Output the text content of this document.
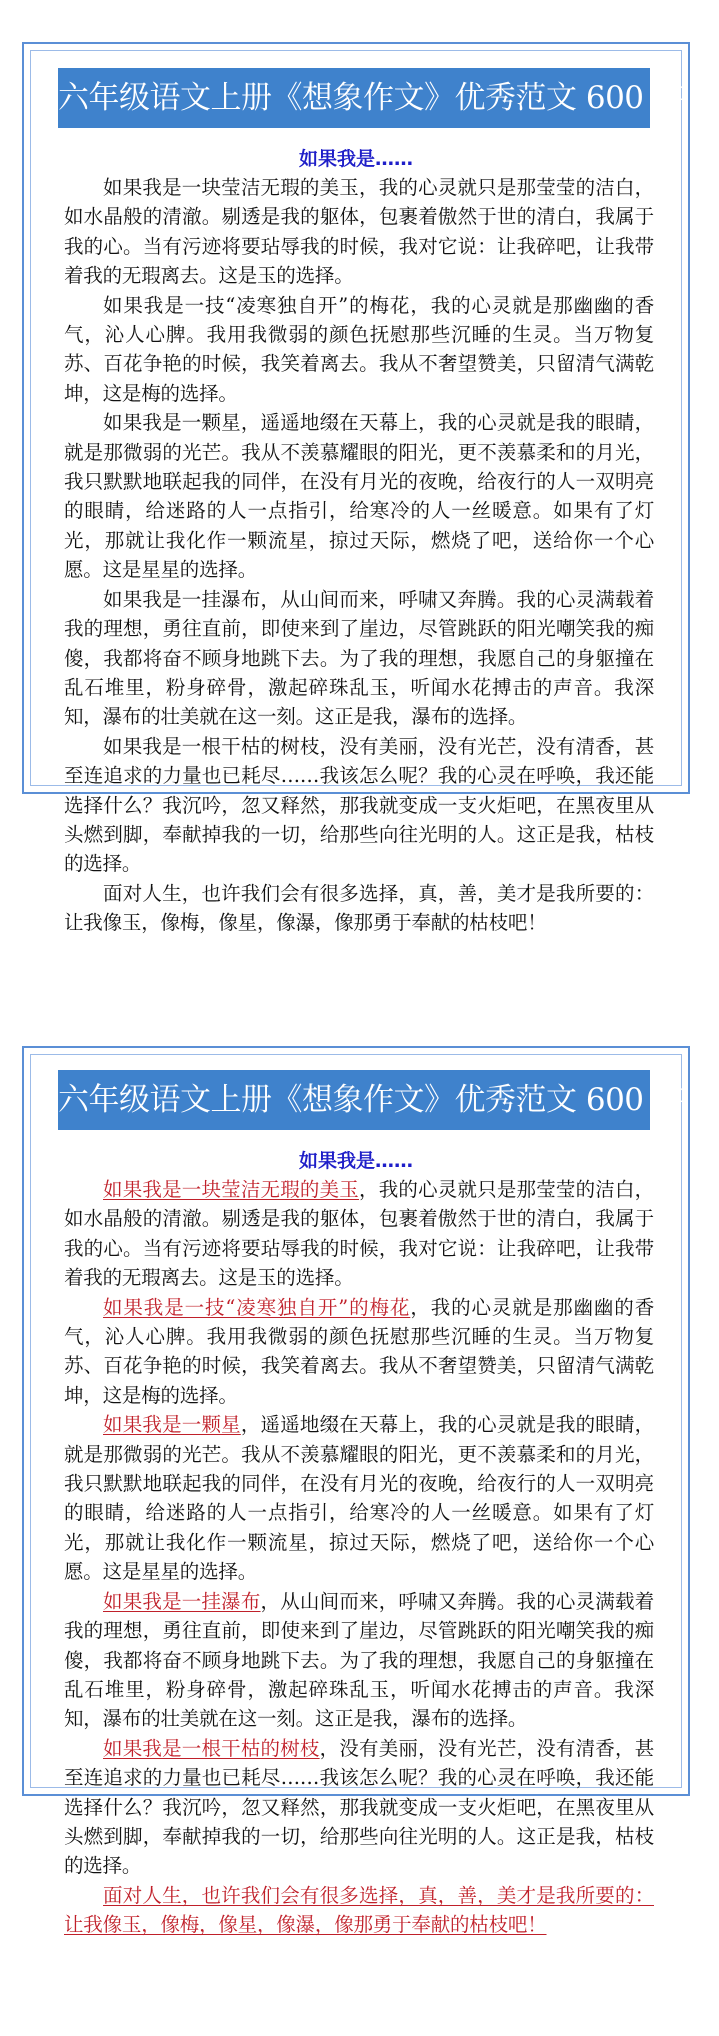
六年级语文上册《想象作文》优秀范文 600 字
如果我是……

如果我是一块莹洁无瑕的美玉，我的心灵就只是那莹莹的洁白，如水晶般的清澈。剔透是我的躯体，包裹着傲然于世的清白，我属于我的心。当有污迹将要玷辱我的时候，我对它说：让我碎吧，让我带着我的无瑕离去。这是玉的选择。

如果我是一技“凌寒独自开”的梅花，我的心灵就是那幽幽的香气，沁人心脾。我用我微弱的颜色抚慰那些沉睡的生灵。当万物复苏、百花争艳的时候，我笑着离去。我从不奢望赞美，只留清气满乾坤，这是梅的选择。

如果我是一颗星，遥遥地缀在天幕上，我的心灵就是我的眼睛，就是那微弱的光芒。我从不羡慕耀眼的阳光，更不羡慕柔和的月光，我只默默地联起我的同伴，在没有月光的夜晚，给夜行的人一双明亮的眼睛，给迷路的人一点指引，给寒冷的人一丝暖意。如果有了灯光，那就让我化作一颗流星，掠过天际，燃烧了吧，送给你一个心愿。这是星星的选择。

如果我是一挂瀑布，从山间而来，呼啸又奔腾。我的心灵满载着我的理想，勇往直前，即使来到了崖边，尽管跳跃的阳光嘲笑我的痴傻，我都将奋不顾身地跳下去。为了我的理想，我愿自己的身躯撞在乱石堆里，粉身碎骨，激起碎珠乱玉，听闻水花搏击的声音。我深知，瀑布的壮美就在这一刻。这正是我，瀑布的选择。

如果我是一根干枯的树枝，没有美丽，没有光芒，没有清香，甚至连追求的力量也已耗尽……我该怎么呢？我的心灵在呼唤，我还能选择什么？我沉吟，忽又释然，那我就变成一支火炬吧，在黑夜里从头燃到脚，奉献掉我的一切，给那些向往光明的人。这正是我，枯枝的选择。

面对人生，也许我们会有很多选择，真，善，美才是我所要的：让我像玉，像梅，像星，像瀑，像那勇于奉献的枯枝吧！

六年级语文上册《想象作文》优秀范文 600 字
如果我是……

如果我是一块莹洁无瑕的美玉，我的心灵就只是那莹莹的洁白，如水晶般的清澈。剔透是我的躯体，包裹着傲然于世的清白，我属于我的心。当有污迹将要玷辱我的时候，我对它说：让我碎吧，让我带着我的无瑕离去。这是玉的选择。

如果我是一技“凌寒独自开”的梅花，我的心灵就是那幽幽的香气，沁人心脾。我用我微弱的颜色抚慰那些沉睡的生灵。当万物复苏、百花争艳的时候，我笑着离去。我从不奢望赞美，只留清气满乾坤，这是梅的选择。

如果我是一颗星，遥遥地缀在天幕上，我的心灵就是我的眼睛，就是那微弱的光芒。我从不羡慕耀眼的阳光，更不羡慕柔和的月光，我只默默地联起我的同伴，在没有月光的夜晚，给夜行的人一双明亮的眼睛，给迷路的人一点指引，给寒冷的人一丝暖意。如果有了灯光，那就让我化作一颗流星，掠过天际，燃烧了吧，送给你一个心愿。这是星星的选择。

如果我是一挂瀑布，从山间而来，呼啸又奔腾。我的心灵满载着我的理想，勇往直前，即使来到了崖边，尽管跳跃的阳光嘲笑我的痴傻，我都将奋不顾身地跳下去。为了我的理想，我愿自己的身躯撞在乱石堆里，粉身碎骨，激起碎珠乱玉，听闻水花搏击的声音。我深知，瀑布的壮美就在这一刻。这正是我，瀑布的选择。

如果我是一根干枯的树枝，没有美丽，没有光芒，没有清香，甚至连追求的力量也已耗尽……我该怎么呢？我的心灵在呼唤，我还能选择什么？我沉吟，忽又释然，那我就变成一支火炬吧，在黑夜里从头燃到脚，奉献掉我的一切，给那些向往光明的人。这正是我，枯枝的选择。

面对人生，也许我们会有很多选择，真，善，美才是我所要的：让我像玉，像梅，像星，像瀑，像那勇于奉献的枯枝吧！
